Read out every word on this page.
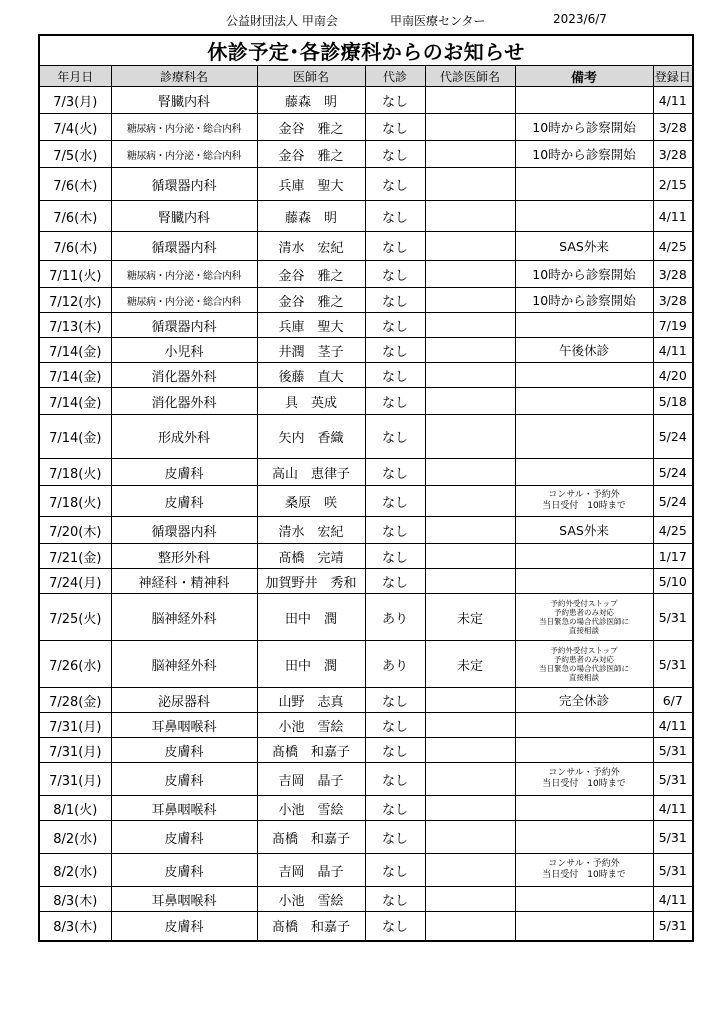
公益財団法人 甲南会	甲南医療センター	2023/6/7
休診予定･各診療科からのお知らせ						
年月日	診療科名	医師名	代診	代診医師名	備考	登録日
7/3(月)	腎臓内科	藤森　明	なし			4/11
7/4(火)	糖尿病・内分泌・総合内科	金谷　雅之	なし		10時から診察開始	3/28
7/5(水)	糖尿病・内分泌・総合内科	金谷　雅之	なし		10時から診察開始	3/28
7/6(木)	循環器内科	兵庫　聖大	なし			2/15
7/6(木)	腎臓内科	藤森　明	なし			4/11
7/6(木)	循環器内科	清水　宏紀	なし		SAS外来	4/25
7/11(火)	糖尿病・内分泌・総合内科	金谷　雅之	なし		10時から診察開始	3/28
7/12(水)	糖尿病・内分泌・総合内科	金谷　雅之	なし		10時から診察開始	3/28
7/13(木)	循環器内科	兵庫　聖大	なし			7/19
7/14(金)	小児科	井潤　茎子	なし		午後休診	4/11
7/14(金)	消化器外科	後藤　直大	なし			4/20
7/14(金)	消化器外科	具　英成	なし			5/18
7/14(金)	形成外科	矢内　香織	なし			5/24
7/18(火)	皮膚科	高山　恵律子	なし			5/24
7/18(火)	皮膚科	桑原　咲	なし		コンサル・予約外
当日受付　10時まで	5/24
7/20(木)	循環器内科	清水　宏紀	なし		SAS外来	4/25
7/21(金)	整形外科	髙橋　完靖	なし			1/17
7/24(月)	神経科・精神科	加賀野井　秀和	なし			5/10
7/25(火)	脳神経外科	田中　潤	あり	未定	予約外受付ストップ
予約患者のみ対応
当日緊急の場合代診医師に
直接相談	5/31
7/26(水)	脳神経外科	田中　潤	あり	未定	予約外受付ストップ
予約患者のみ対応
当日緊急の場合代診医師に
直接相談	5/31
7/28(金)	泌尿器科	山野　志真	なし		完全休診	6/7
7/31(月)	耳鼻咽喉科	小池　雪絵	なし			4/11
7/31(月)	皮膚科	髙橋　和嘉子	なし			5/31
7/31(月)	皮膚科	吉岡　晶子	なし		コンサル・予約外
当日受付　10時まで	5/31
8/1(火)	耳鼻咽喉科	小池　雪絵	なし			4/11
8/2(水)	皮膚科	髙橋　和嘉子	なし			5/31
8/2(水)	皮膚科	吉岡　晶子	なし		コンサル・予約外
当日受付　10時まで	5/31
8/3(木)	耳鼻咽喉科	小池　雪絵	なし			4/11
8/3(木)	皮膚科	髙橋　和嘉子	なし			5/31
